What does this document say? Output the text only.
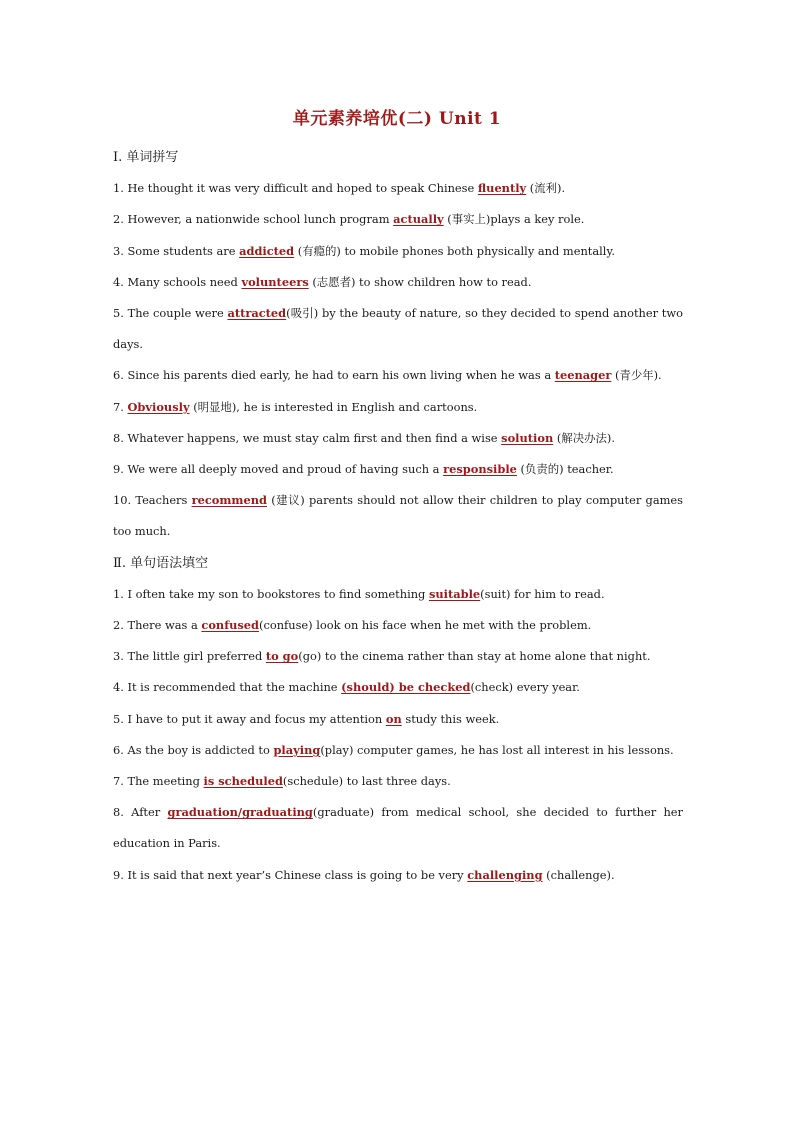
单元素养培优(二) Unit 1

Ⅰ. 单词拼写

1. He thought it was very difficult and hoped to speak Chinese fluently (流利).

2. However, a nationwide school lunch program actually (事实上)plays a key role.

3. Some students are addicted (有瘾的) to mobile phones both physically and mentally.

4. Many schools need volunteers (志愿者) to show children how to read.

5. The couple were attracted(吸引) by the beauty of nature, so they decided to spend another two days.

6. Since his parents died early, he had to earn his own living when he was a teenager (青少年).

7. Obviously (明显地), he is interested in English and cartoons.

8. Whatever happens, we must stay calm first and then find a wise solution (解决办法).

9. We were all deeply moved and proud of having such a responsible (负责的) teacher.

10. Teachers recommend (建议) parents should not allow their children to play computer games too much.

Ⅱ. 单句语法填空

1. I often take my son to bookstores to find something suitable(suit) for him to read.

2. There was a confused(confuse) look on his face when he met with the problem.

3. The little girl preferred to go(go) to the cinema rather than stay at home alone that night.

4. It is recommended that the machine (should) be checked(check) every year.

5. I have to put it away and focus my attention on study this week.

6. As the boy is addicted to playing(play) computer games, he has lost all interest in his lessons.

7. The meeting is scheduled(schedule) to last three days.

8. After graduation/graduating(graduate) from medical school, she decided to further her education in Paris.

9. It is said that next year’s Chinese class is going to be very challenging (challenge).
